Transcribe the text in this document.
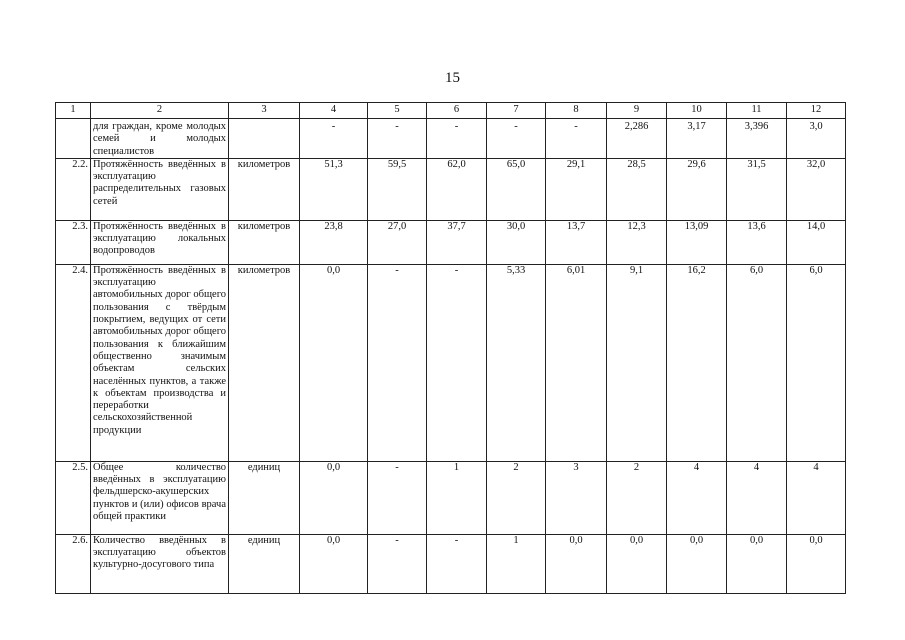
15
1	2	3	4	5	6	7	8	9	10	11	12
	для граждан, кроме молодых семей и молодых специалистов		-	-	-	-	-	2,286	3,17	3,396	3,0
2.2.	Протяжённость введённых в эксплуатацию распределительных газовых сетей	километров	51,3	59,5	62,0	65,0	29,1	28,5	29,6	31,5	32,0
2.3.	Протяжённость введённых в эксплуатацию локальных водопроводов	километров	23,8	27,0	37,7	30,0	13,7	12,3	13,09	13,6	14,0
2.4.	Протяжённость введённых в эксплуатацию автомобильных дорог общего пользования с твёрдым покрытием, ведущих от сети автомобильных дорог общего пользования к ближайшим общественно значимым объектам сельских населённых пунктов, а также к объектам производства и переработки сельскохозяйственной продукции	километров	0,0	-	-	5,33	6,01	9,1	16,2	6,0	6,0
2.5.	Общее количество введённых в эксплуатацию фельдшерско-акушерских пунктов и (или) офисов врача общей практики	единиц	0,0	-	1	2	3	2	4	4	4
2.6.	Количество введённых в эксплуатацию объектов культурно-досугового типа	единиц	0,0	-	-	1	0,0	0,0	0,0	0,0	0,0
